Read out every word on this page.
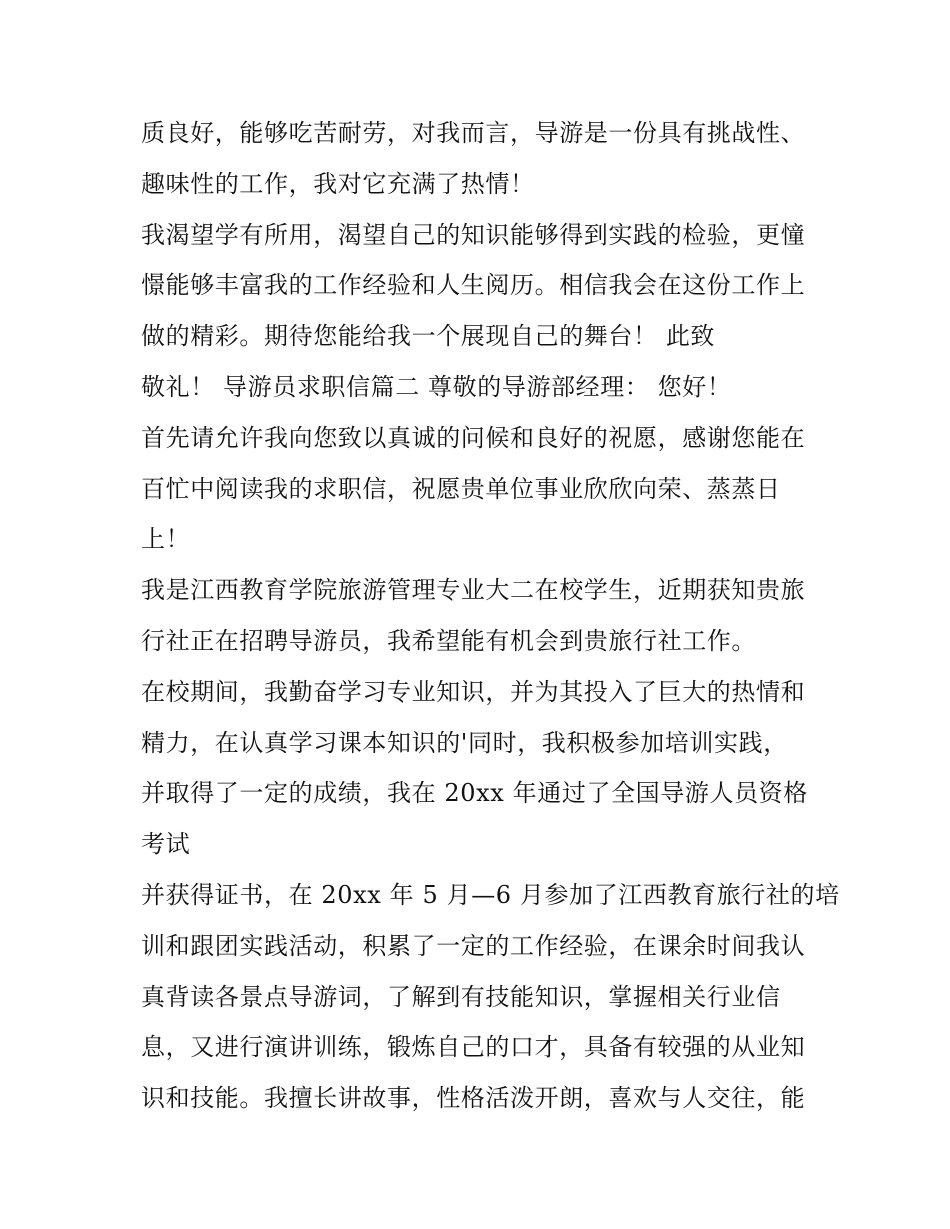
质良好，能够吃苦耐劳，对我而言，导游是一份具有挑战性、
趣味性的工作，我对它充满了热情！
我渴望学有所用，渴望自己的知识能够得到实践的检验，更憧
憬能够丰富我的工作经验和人生阅历。相信我会在这份工作上
做的精彩。期待您能给我一个展现自己的舞台！ 此致
敬礼！ 导游员求职信篇二 尊敬的导游部经理： 您好！
首先请允许我向您致以真诚的问候和良好的祝愿，感谢您能在
百忙中阅读我的求职信，祝愿贵单位事业欣欣向荣、蒸蒸日
上！
我是江西教育学院旅游管理专业大二在校学生，近期获知贵旅
行社正在招聘导游员，我希望能有机会到贵旅行社工作。
在校期间，我勤奋学习专业知识，并为其投入了巨大的热情和
精力，在认真学习课本知识的'同时，我积极参加培训实践，
并取得了一定的成绩，我在 20xx 年通过了全国导游人员资格
考试
并获得证书，在 20xx 年 5 月—6 月参加了江西教育旅行社的培
训和跟团实践活动，积累了一定的工作经验，在课余时间我认
真背读各景点导游词，了解到有技能知识，掌握相关行业信
息，又进行演讲训练，锻炼自己的口才，具备有较强的从业知
识和技能。我擅长讲故事，性格活泼开朗，喜欢与人交往，能
